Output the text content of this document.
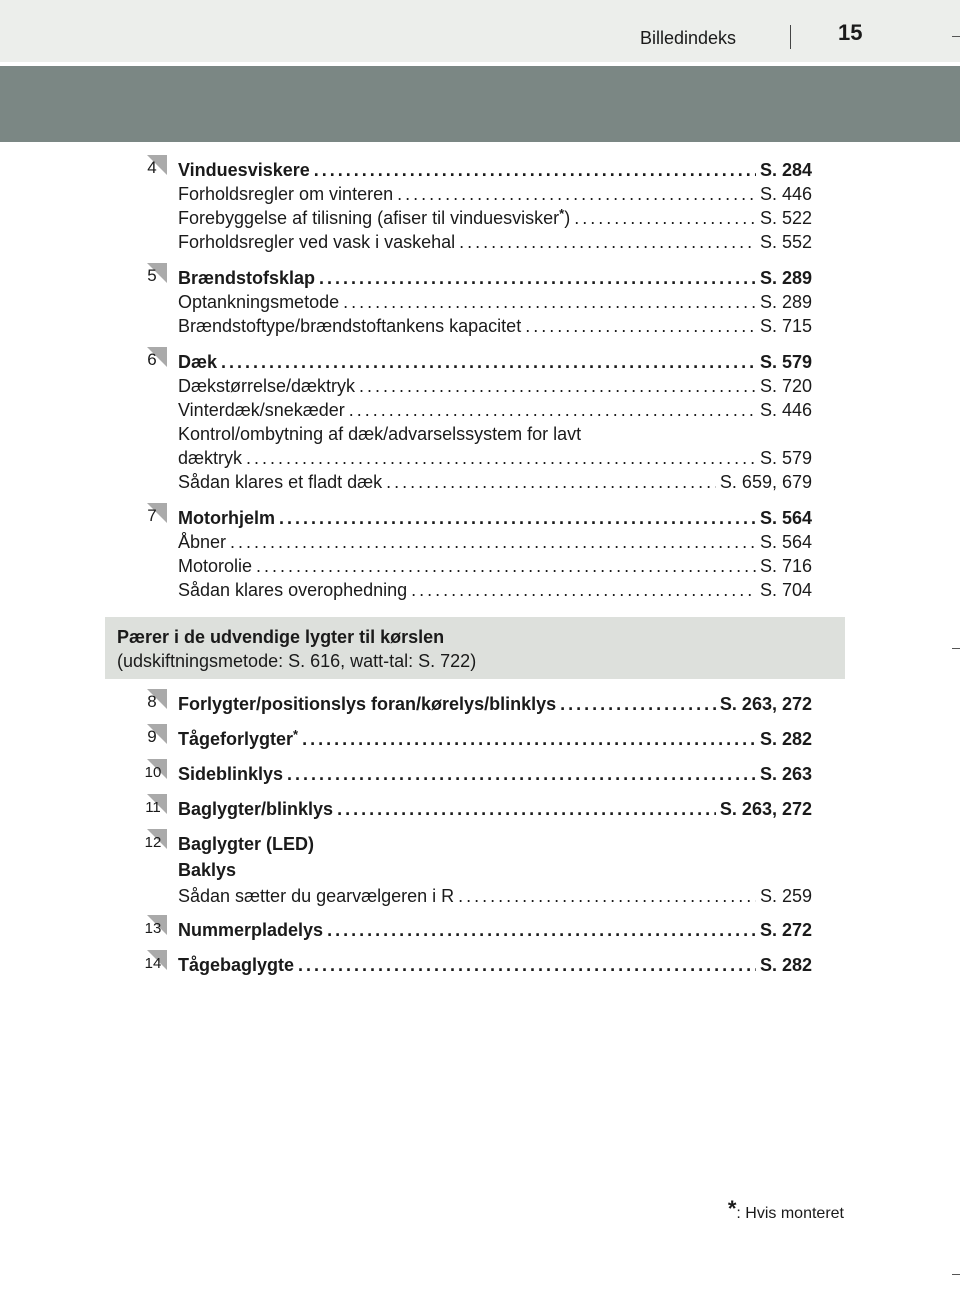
Billedindeks	15
4 Vinduesviskere .....	S. 284
Forholdsregler om vinteren .....	S. 446
Forebyggelse af tilisning (afiser til vinduesvisker*) .....	S. 522
Forholdsregler ved vask i vaskehal .....	S. 552
5 Brændstofsklap .....	S. 289
Optankningsmetode .....	S. 289
Brændstoftype/brændstoftankens kapacitet .....	S. 715
6 Dæk .....	S. 579
Dækstørrelse/dæktryk .....	S. 720
Vinterdæk/snekæder .....	S. 446
Kontrol/ombytning af dæk/advarselssystem for lavt
dæktryk .....	S. 579
Sådan klares et fladt dæk .....	S. 659, 679
7 Motorhjelm .....	S. 564
Åbner .....	S. 564
Motorolie .....	S. 716
Sådan klares overophedning .....	S. 704
Pærer i de udvendige lygter til kørslen
(udskiftningsmetode: S. 616, watt-tal: S. 722)
8 Forlygter/positionslys foran/kørelys/blinklys .....	S. 263, 272
9 Tågeforlygter* .....	S. 282
10 Sideblinklys .....	S. 263
11 Baglygter/blinklys .....	S. 263, 272
12 Baglygter (LED)
Baklys
Sådan sætter du gearvælgeren i R .....	S. 259
13 Nummerpladelys .....	S. 272
14 Tågebaglygte .....	S. 282
*: Hvis monteret
